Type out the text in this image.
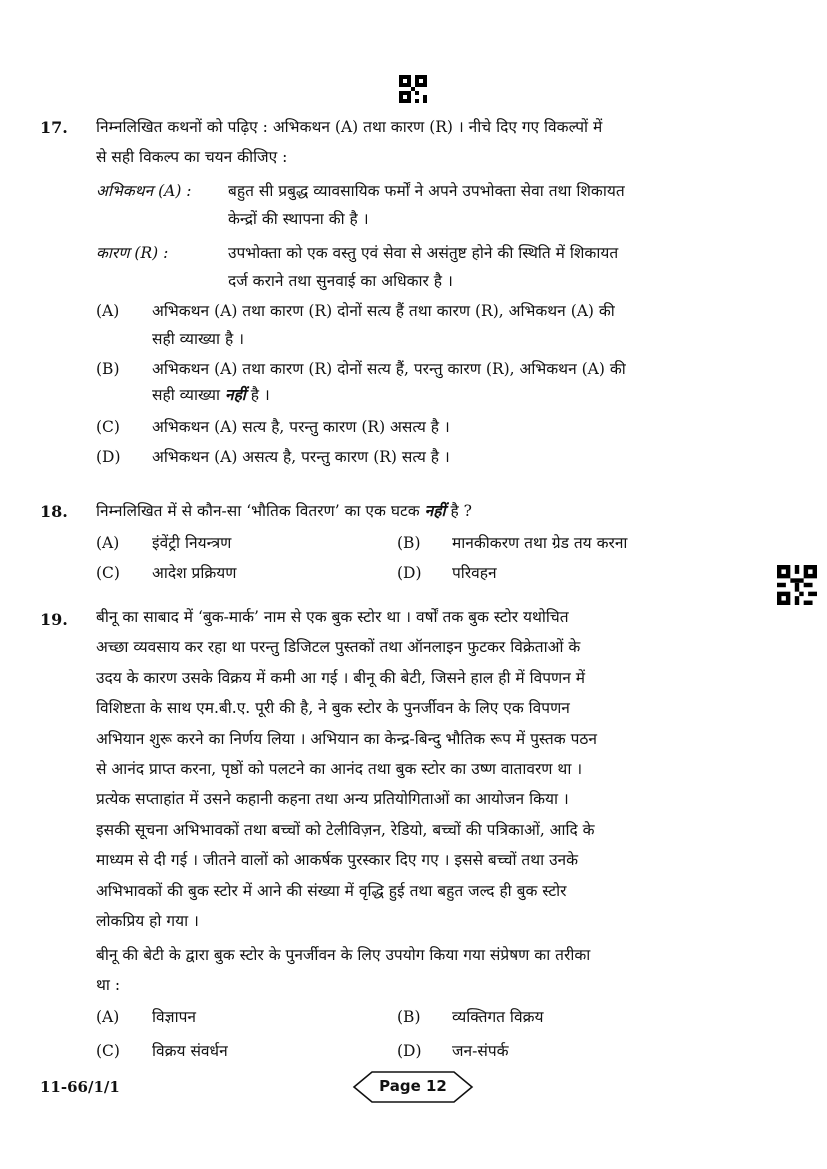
17. निम्नलिखित कथनों को पढ़िए : अभिकथन (A) तथा कारण (R) । नीचे दिए गए विकल्पों में
से सही विकल्प का चयन कीजिए :
अभिकथन (A) : बहुत सी प्रबुद्ध व्यावसायिक फर्मों ने अपने उपभोक्ता सेवा तथा शिकायत
केन्द्रों की स्थापना की है ।
कारण (R) :	उपभोक्ता को एक वस्तु एवं सेवा से असंतुष्ट होने की स्थिति में शिकायत
दर्ज कराने तथा सुनवाई का अधिकार है ।
(A) अभिकथन (A) तथा कारण (R) दोनों सत्य हैं तथा कारण (R), अभिकथन (A) की
सही व्याख्या है ।
(B) अभिकथन (A) तथा कारण (R) दोनों सत्य हैं, परन्तु कारण (R), अभिकथन (A) की
सही व्याख्या नहीं है ।
(C) अभिकथन (A) सत्य है, परन्तु कारण (R) असत्य है ।
(D) अभिकथन (A) असत्य है, परन्तु कारण (R) सत्य है ।
18. निम्नलिखित में से कौन-सा ‘भौतिक वितरण’ का एक घटक नहीं है ?
(A) इंवेंट्री नियन्त्रण	(B) मानकीकरण तथा ग्रेड तय करना
(C) आदेश प्रक्रियण	(D) परिवहन
19. बीनू का साबाद में ‘बुक-मार्क’ नाम से एक बुक स्टोर था । वर्षों तक बुक स्टोर यथोचित
अच्छा व्यवसाय कर रहा था परन्तु डिजिटल पुस्तकों तथा ऑनलाइन फुटकर विक्रेताओं के
उदय के कारण उसके विक्रय में कमी आ गई । बीनू की बेटी, जिसने हाल ही में विपणन में
विशिष्टता के साथ एम.बी.ए. पूरी की है, ने बुक स्टोर के पुनर्जीवन के लिए एक विपणन
अभियान शुरू करने का निर्णय लिया । अभियान का केन्द्र-बिन्दु भौतिक रूप में पुस्तक पठन
से आनंद प्राप्त करना, पृष्ठों को पलटने का आनंद तथा बुक स्टोर का उष्ण वातावरण था ।
प्रत्येक सप्ताहांत में उसने कहानी कहना तथा अन्य प्रतियोगिताओं का आयोजन किया ।
इसकी सूचना अभिभावकों तथा बच्चों को टेलीविज़न, रेडियो, बच्चों की पत्रिकाओं, आदि के
माध्यम से दी गई । जीतने वालों को आकर्षक पुरस्कार दिए गए । इससे बच्चों तथा उनके
अभिभावकों की बुक स्टोर में आने की संख्या में वृद्धि हुई तथा बहुत जल्द ही बुक स्टोर
लोकप्रिय हो गया ।
बीनू की बेटी के द्वारा बुक स्टोर के पुनर्जीवन के लिए उपयोग किया गया संप्रेषण का तरीका
था :
(A) विज्ञापन	(B) व्यक्तिगत विक्रय
(C) विक्रय संवर्धन	(D) जन-संपर्क
11-66/1/1	Page 12
